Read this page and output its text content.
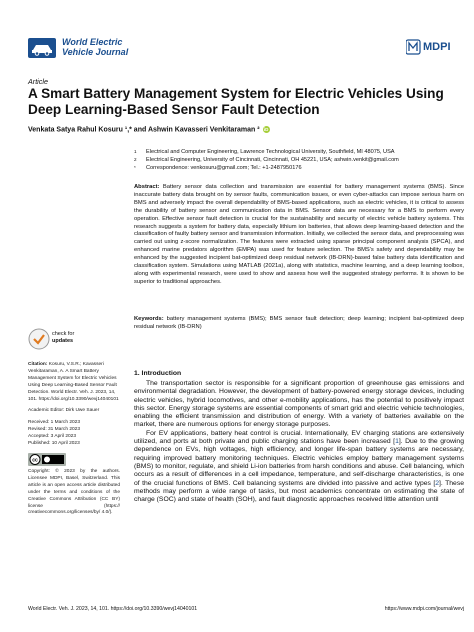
World Electric
Vehicle Journal	MDPI
Article
A Smart Battery Management System for Electric Vehicles Using Deep Learning-Based Sensor Fault Detection
Venkata Satya Rahul Kosuru ¹,* and Ashwin Kavasseri Venkitaraman ² iD
1 Electrical and Computer Engineering, Lawrence Technological University, Southfield, MI 48075, USA
2 Electrical Engineering, University of Cincinnati, Cincinnati, OH 45221, USA; ashwin.venkit@gmail.com
* Correspondence: venkosuru@gmail.com; Tel.: +1-2487950176
Abstract: Battery sensor data collection and transmission are essential for battery management systems (BMS). Since inaccurate battery data brought on by sensor faults, communication issues, or even cyber-attacks can impose serious harm on BMS and adversely impact the overall dependability of BMS-based applications, such as electric vehicles, it is critical to assess the durability of battery sensor and communication data in BMS. Sensor data are necessary for a BMS to perform every operation. Effective sensor fault detection is crucial for the sustainability and security of electric vehicle battery systems. This research suggests a system for battery data, especially lithium ion batteries, that allows deep learning-based detection and the classification of faulty battery sensor and transmission information. Initially, we collected the sensor data, and preprocessing was carried out using z-score normalization. The features were extracted using sparse principal component analysis (SPCA), and enhanced marine predators algorithm (EMPA) was used for feature selection. The BMS's safety and dependability may be enhanced by the suggested incipient bat-optimized deep residual network (IB-DRN)-based false battery data identification and classification system. Simulations using MATLAB (2021a), along with statistics, machine learning, and a deep learning toolbox, along with experimental research, were used to show and assess how well the suggested strategy performs. It is shown to be superior to traditional approaches.
Keywords: battery management systems (BMS); BMS sensor fault detection; deep learning; incipient bat-optimized deep residual network (IB-DRN)
check for
updates

Citation: Kosuru, V.S.R.; Kavasseri Venkitaraman, A. A Smart Battery Management System for Electric Vehicles Using Deep Learning-Based Sensor Fault Detection. World Electr. Veh. J. 2023, 14, 101. https://doi.org/10.3390/wevj14040101

Academic Editor: Dirk Uwe Sauer

Received: 1 March 2023

Revised: 31 March 2023

Accepted: 3 April 2023

Published: 10 April 2023

cc

Copyright: © 2023 by the authors. Licensee MDPI, Basel, Switzerland. This article is an open access article distributed under the terms and conditions of the Creative Commons Attribution (CC BY) license (https:// creativecommons.org/licenses/by/ 4.0/).

1. Introduction

The transportation sector is responsible for a significant proportion of greenhouse gas emissions and environmental degradation. However, the development of battery-powered energy storage devices, including electric vehicles, hybrid locomotives, and other e-mobility applications, has the potential to positively impact this sector. Energy storage systems are essential components of smart grid and electric vehicle technologies, enabling the efficient transmission and distribution of energy. With a variety of batteries available on the market, there are numerous options for energy storage purposes.

For EV applications, battery heat control is crucial. Internationally, EV charging stations are extensively utilized, and ports at both private and public charging stations have been increased [1]. Due to the growing dependence on EVs, high voltages, high efficiency, and longer life-span battery systems are necessary, requiring improved battery monitoring techniques. Electric vehicles employ battery management systems (BMS) to monitor, regulate, and shield Li-ion batteries from harsh conditions and abuse. Cell balancing, which occurs as a result of differences in a cell impedance, temperature, and self-discharge characteristics, is one of the crucial functions of BMS. Cell balancing systems are divided into passive and active types [2]. These methods may perform a wide range of tasks, but most academics concentrate on estimating the state of charge (SOC) and state of health (SOH), and fault diagnostic approaches received little attention until

World Electr. Veh. J. 2023, 14, 101. https://doi.org/10.3390/wevj14040101	https://www.mdpi.com/journal/wevj
